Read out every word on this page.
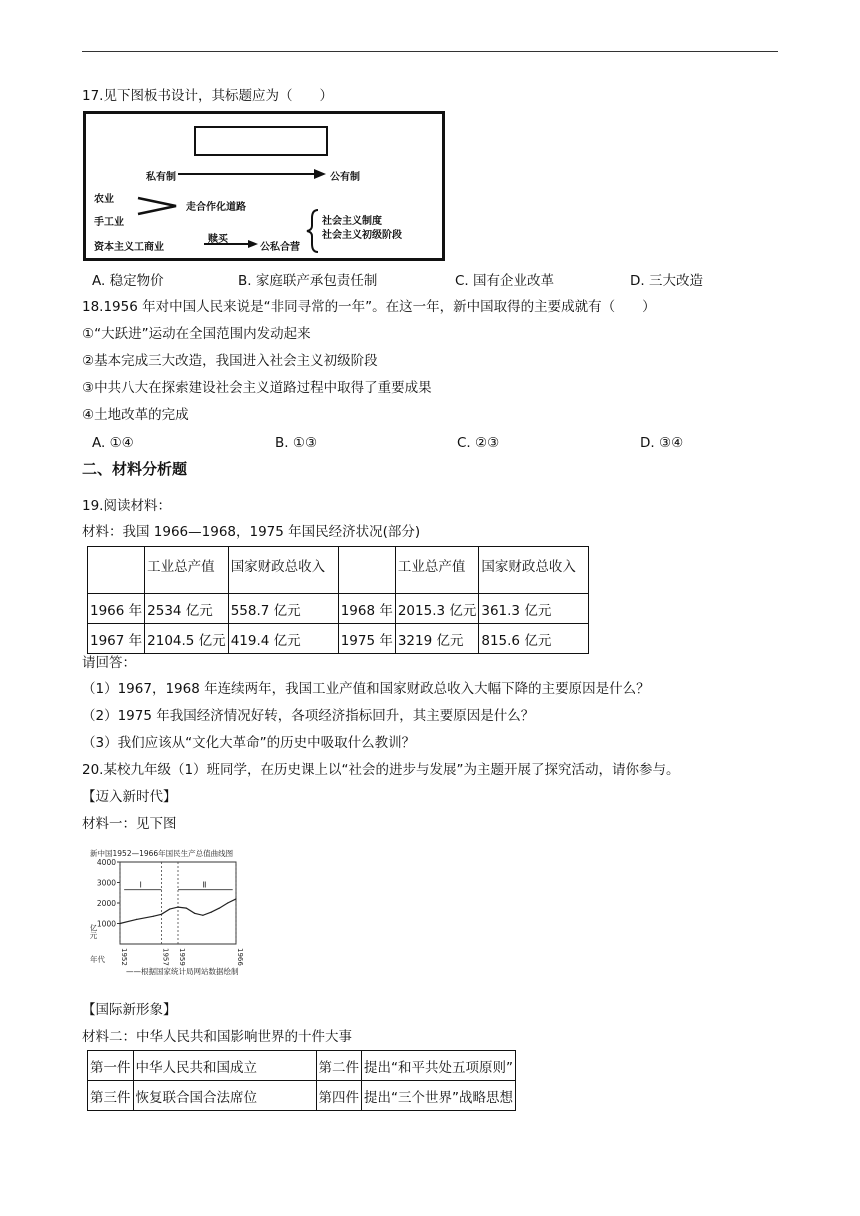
17.见下图板书设计，其标题应为（　　）
私有制	公有制
农业
手工业
走合作化道路
资本主义工商业
赎买
公私合营
社会主义制度
社会主义初级阶段
A. 稳定物价	B. 家庭联产承包责任制	C. 国有企业改革	D. 三大改造
18.1956 年对中国人民来说是“非同寻常的一年”。在这一年，新中国取得的主要成就有（　　）
①“大跃进”运动在全国范围内发动起来
②基本完成三大改造，我国进入社会主义初级阶段
③中共八大在探索建设社会主义道路过程中取得了重要成果
④土地改革的完成
A. ①④	B. ①③	C. ②③	D. ③④
二、材料分析题
19.阅读材料：
材料：我国 1966—1968，1975 年国民经济状况(部分)
	工业总产值	国家财政总收入		工业总产值	国家财政总收入
1966 年	2534 亿元	558.7 亿元	1968 年	2015.3 亿元	361.3 亿元
1967 年	2104.5 亿元	419.4 亿元	1975 年	3219 亿元	815.6 亿元
请回答：
（1）1967，1968 年连续两年，我国工业产值和国家财政总收入大幅下降的主要原因是什么？
（2）1975 年我国经济情况好转，各项经济指标回升，其主要原因是什么？
（3）我们应该从“文化大革命”的历史中吸取什么教训？
20.某校九年级（1）班同学，在历史课上以“社会的进步与发展”为主题开展了探究活动，请你参与。
【迈入新时代】
材料一：见下图
新中国1952—1966年国民生产总值曲线图
4000
3000
2000
1000
1952	1957 1959	1966
Ⅰ	Ⅱ
年代
亿元
——根据国家统计局网站数据绘制
【国际新形象】
材料二：中华人民共和国影响世界的十件大事
第一件	中华人民共和国成立	第二件	提出“和平共处五项原则”
第三件	恢复联合国合法席位	第四件	提出“三个世界”战略思想
